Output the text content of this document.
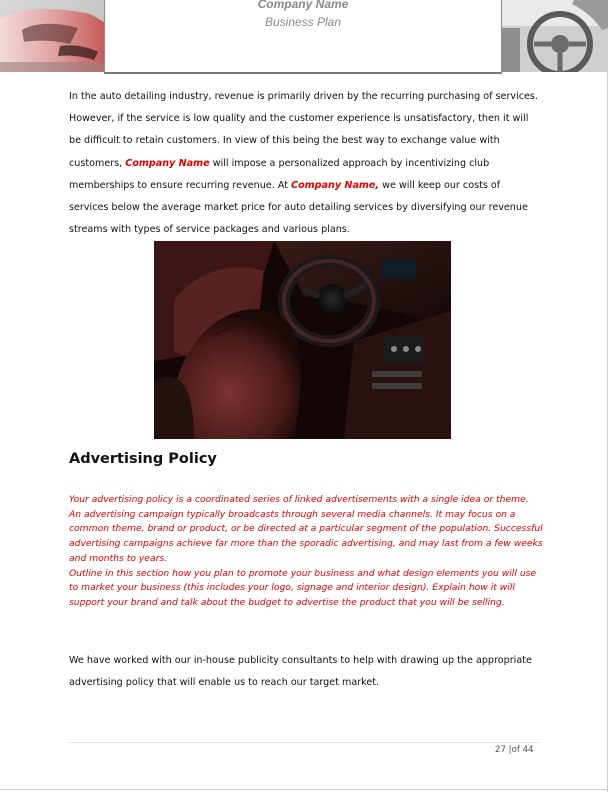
Company Name
Business Plan
In the auto detailing industry, revenue is primarily driven by the recurring purchasing of services. However, if the service is low quality and the customer experience is unsatisfactory, then it will be difficult to retain customers. In view of this being the best way to exchange value with customers, Company Name will impose a personalized approach by incentivizing club memberships to ensure recurring revenue. At Company Name, we will keep our costs of services below the average market price for auto detailing services by diversifying our revenue streams with types of service packages and various plans.
Advertising Policy

Your advertising policy is a coordinated series of linked advertisements with a single idea or theme.

An advertising campaign typically broadcasts through several media channels. It may focus on a common theme, brand or product, or be directed at a particular segment of the population. Successful advertising campaigns achieve far more than the sporadic advertising, and may last from a few weeks and months to years.

Outline in this section how you plan to promote your business and what design elements you will use to market your business (this includes your logo, signage and interior design). Explain how it will support your brand and talk about the budget to advertise the product that you will be selling.

We have worked with our in-house publicity consultants to help with drawing up the appropriate advertising policy that will enable us to reach our target market.
27 |of 44
